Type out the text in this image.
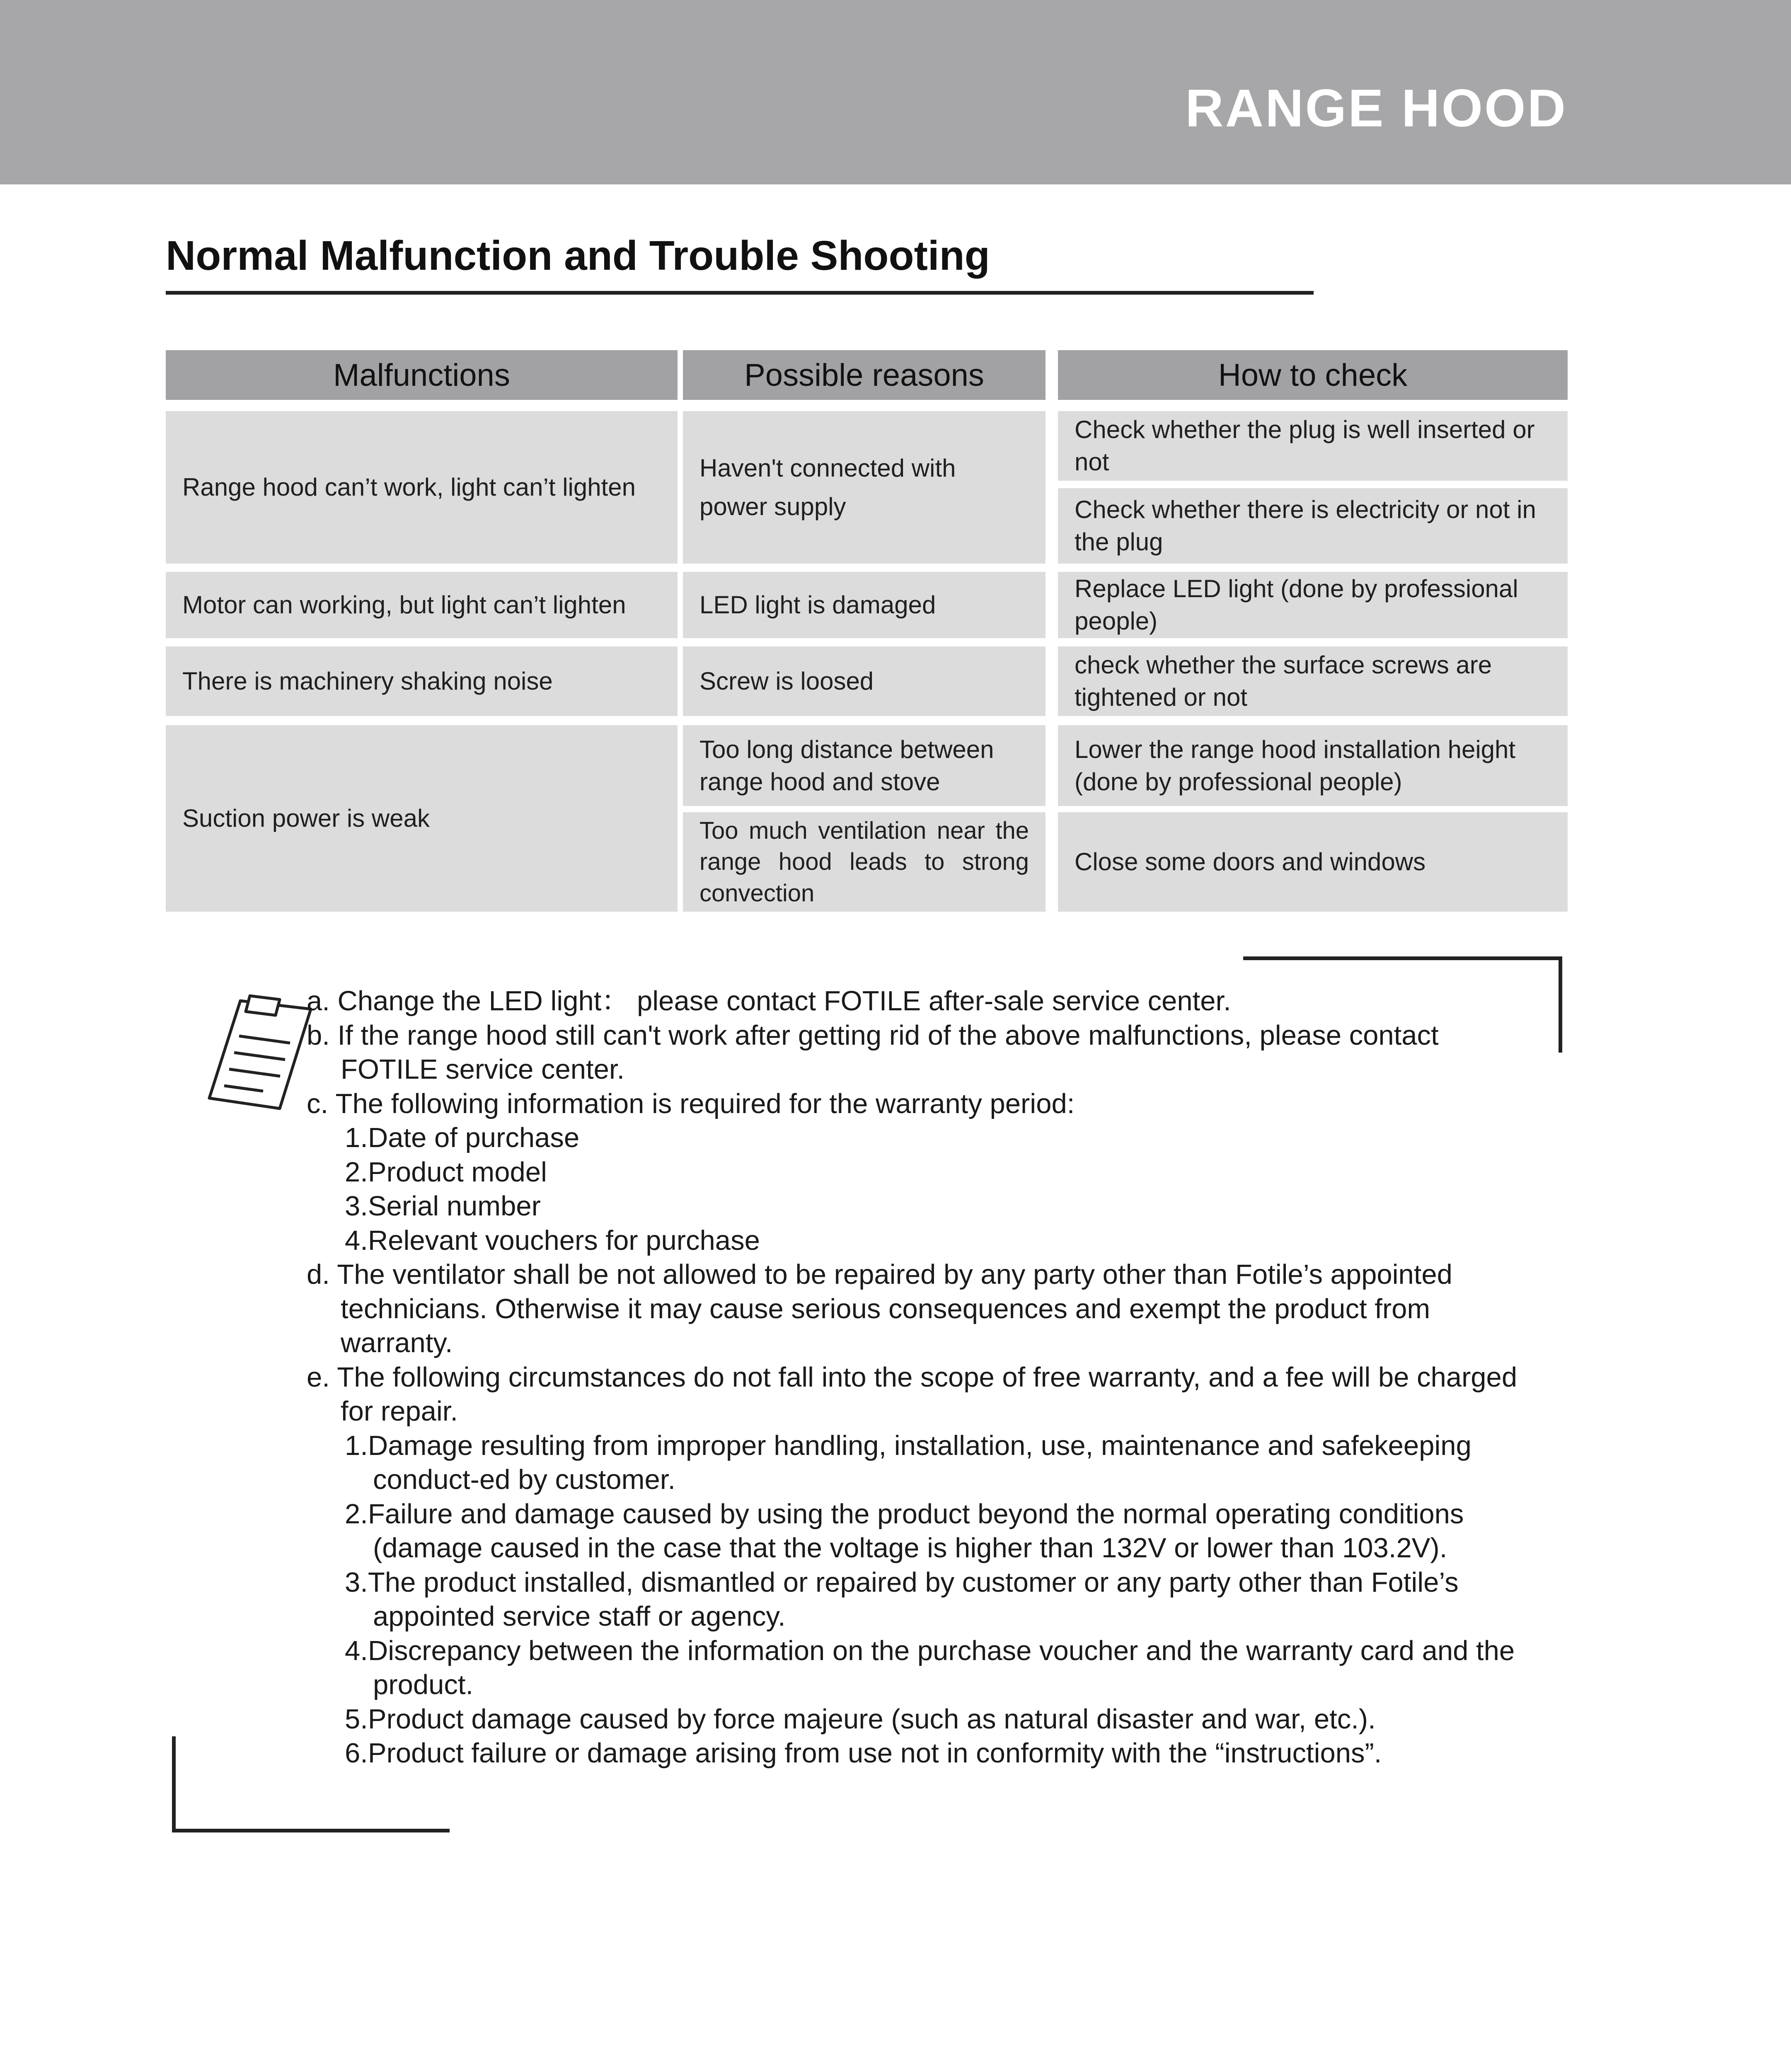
RANGE HOOD
Normal Malfunction and Trouble Shooting
Malfunctions	Possible reasons	How to check
Range hood can’t work, light can’t lighten
Motor can working, but light can’t lighten
There is machinery shaking noise
Suction power is weak
Haven't connected with power supply
LED light is damaged
Screw is loosed
Too long distance between range hood and stove
Too much ventilation near the range hood leads to strong convection
Check whether the plug is well inserted or not
Check whether there is electricity or not in the plug
Replace LED light (done by professional people)
check whether the surface screws are tightened or not
Lower the range hood installation height (done by professional people)
Close some doors and windows

a. Change the LED light： please contact FOTILE after-sale service center.

b. If the range hood still can't work after getting rid of the above malfunctions, please contact FOTILE service center.

c. The following information is required for the warranty period:

1.Date of purchase

2.Product model

3.Serial number

4.Relevant vouchers for purchase

d. The ventilator shall be not allowed to be repaired by any party other than Fotile’s appointed technicians. Otherwise it may cause serious consequences and exempt the product from warranty.

e. The following circumstances do not fall into the scope of free warranty, and a fee will be charged for repair.

1.Damage resulting from improper handling, installation, use, maintenance and safekeeping conduct-ed by customer.

2.Failure and damage caused by using the product beyond the normal operating conditions (damage caused in the case that the voltage is higher than 132V or lower than 103.2V).

3.The product installed, dismantled or repaired by customer or any party other than Fotile’s appointed service staff or agency.

4.Discrepancy between the information on the purchase voucher and the warranty card and the product.

5.Product damage caused by force majeure (such as natural disaster and war, etc.).

6.Product failure or damage arising from use not in conformity with the “instructions”.
